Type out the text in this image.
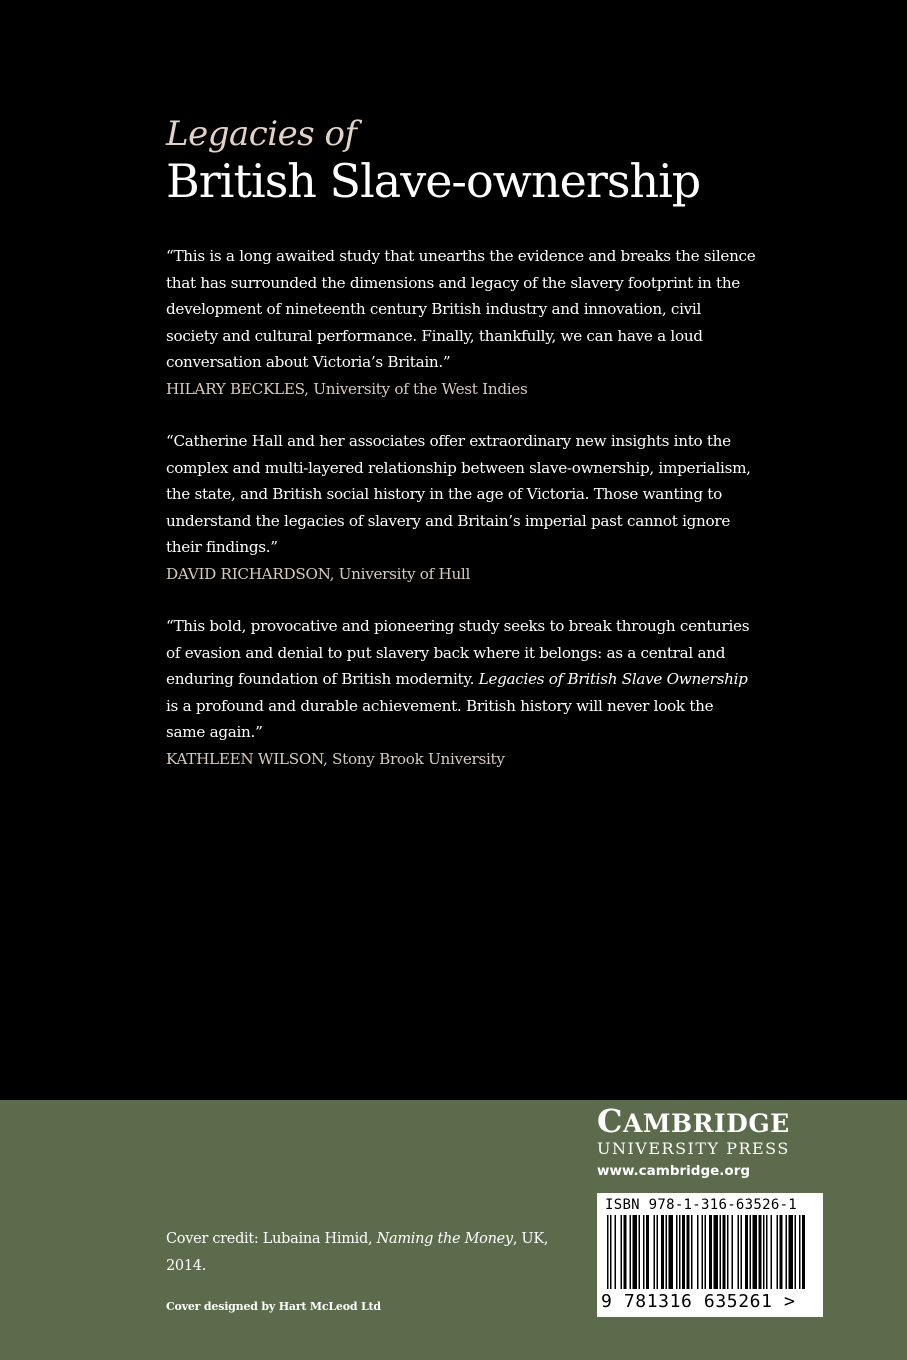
Legacies of
British Slave-ownership

“This is a long awaited study that unearths the evidence and breaks the silence that has surrounded the dimensions and legacy of the slavery footprint in the development of nineteenth century British industry and innovation, civil society and cultural performance. Finally, thankfully, we can have a loud conversation about Victoria’s Britain.”
HILARY BECKLES, University of the West Indies

“Catherine Hall and her associates offer extraordinary new insights into the complex and multi-layered relationship between slave-ownership, imperialism, the state, and British social history in the age of Victoria. Those wanting to understand the legacies of slavery and Britain’s imperial past cannot ignore their findings.”
DAVID RICHARDSON, University of Hull

“This bold, provocative and pioneering study seeks to break through centuries of evasion and denial to put slavery back where it belongs: as a central and enduring foundation of British modernity. Legacies of British Slave Ownership is a profound and durable achievement. British history will never look the same again.”
KATHLEEN WILSON, Stony Brook University

Cover credit: Lubaina Himid, Naming the Money, UK, 2014.
Cover designed by Hart McLeod Ltd
CAMBRIDGE
UNIVERSITY PRESS
www.cambridge.org
ISBN 978-1-316-63526-1
9 781316 635261 >
